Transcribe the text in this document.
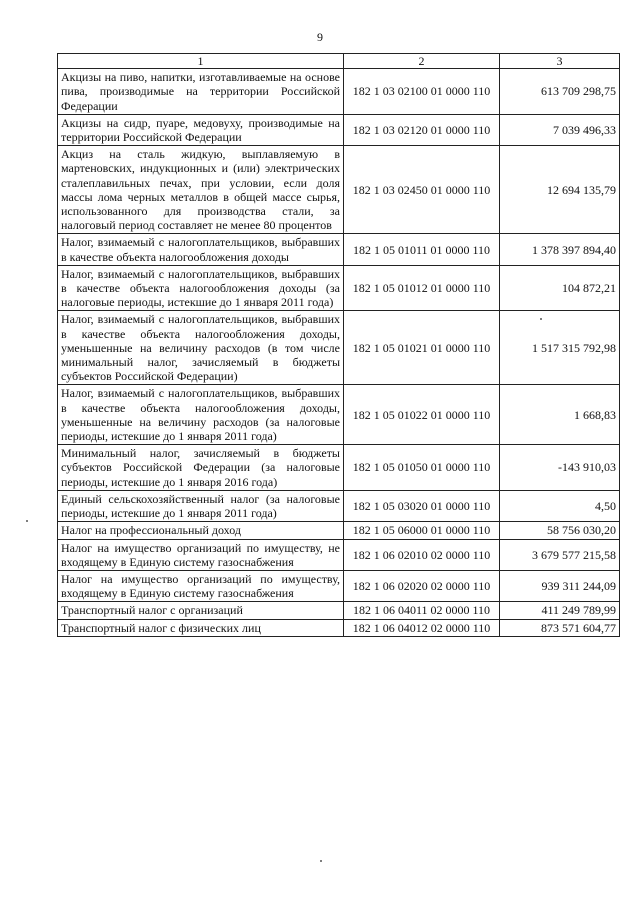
9
1	2	3
Акцизы на пиво, напитки, изготавливаемые на основе пива, производимые на территории Российской Федерации	182 1 03 02100 01 0000 110	613 709 298,75
Акцизы на сидр, пуаре, медовуху, производимые на территории Российской Федерации	182 1 03 02120 01 0000 110	7 039 496,33
Акциз на сталь жидкую, выплавляемую в мартеновских, индукционных и (или) электрических сталеплавильных печах, при условии, если доля массы лома черных металлов в общей массе сырья, использованного для производства стали, за налоговый период составляет не менее 80 процентов	182 1 03 02450 01 0000 110	12 694 135,79
Налог, взимаемый с налогоплательщиков, выбравших в качестве объекта налогообложения доходы	182 1 05 01011 01 0000 110	1 378 397 894,40
Налог, взимаемый с налогоплательщиков, выбравших в качестве объекта налогообложения доходы (за налоговые периоды, истекшие до 1 января 2011 года)	182 1 05 01012 01 0000 110	104 872,21
Налог, взимаемый с налогоплательщиков, выбравших в качестве объекта налогообложения доходы, уменьшенные на величину расходов (в том числе минимальный налог, зачисляемый в бюджеты субъектов Российской Федерации)	182 1 05 01021 01 0000 110	1 517 315 792,98
Налог, взимаемый с налогоплательщиков, выбравших в качестве объекта налогообложения доходы, уменьшенные на величину расходов (за налоговые периоды, истекшие до 1 января 2011 года)	182 1 05 01022 01 0000 110	1 668,83
Минимальный налог, зачисляемый в бюджеты субъектов Российской Федерации (за налоговые периоды, истекшие до 1 января 2016 года)	182 1 05 01050 01 0000 110	-143 910,03
Единый сельскохозяйственный налог (за налоговые периоды, истекшие до 1 января 2011 года)	182 1 05 03020 01 0000 110	4,50
Налог на профессиональный доход	182 1 05 06000 01 0000 110	58 756 030,20
Налог на имущество организаций по имуществу, не входящему в Единую систему газоснабжения	182 1 06 02010 02 0000 110	3 679 577 215,58
Налог на имущество организаций по имуществу, входящему в Единую систему газоснабжения	182 1 06 02020 02 0000 110	939 311 244,09
Транспортный налог с организаций	182 1 06 04011 02 0000 110	411 249 789,99
Транспортный налог с физических лиц	182 1 06 04012 02 0000 110	873 571 604,77
